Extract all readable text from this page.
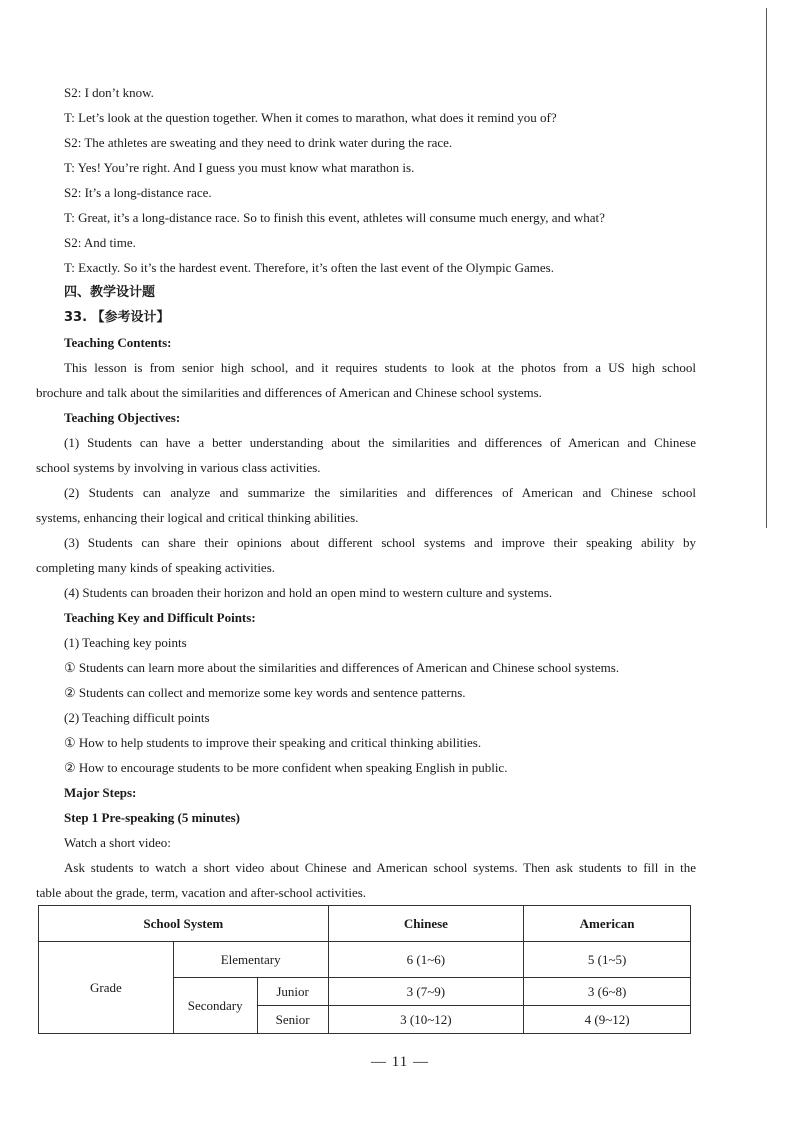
S2: I don’t know.

T: Let’s look at the question together. When it comes to marathon, what does it remind you of?

S2: The athletes are sweating and they need to drink water during the race.

T: Yes! You’re right. And I guess you must know what marathon is.

S2: It’s a long-distance race.

T: Great, it’s a long-distance race. So to finish this event, athletes will consume much energy, and what?

S2: And time.

T: Exactly. So it’s the hardest event. Therefore, it’s often the last event of the Olympic Games.

四、教学设计题

33. 【参考设计】

Teaching Contents:

This lesson is from senior high school, and it requires students to look at the photos from a US high school

brochure and talk about the similarities and differences of American and Chinese school systems.

Teaching Objectives:

(1) Students can have a better understanding about the similarities and differences of American and Chinese

school systems by involving in various class activities.

(2) Students can analyze and summarize the similarities and differences of American and Chinese school

systems, enhancing their logical and critical thinking abilities.

(3) Students can share their opinions about different school systems and improve their speaking ability by

completing many kinds of speaking activities.

(4) Students can broaden their horizon and hold an open mind to western culture and systems.

Teaching Key and Difficult Points:

(1) Teaching key points

① Students can learn more about the similarities and differences of American and Chinese school systems.

② Students can collect and memorize some key words and sentence patterns.

(2) Teaching difficult points

① How to help students to improve their speaking and critical thinking abilities.

② How to encourage students to be more confident when speaking English in public.

Major Steps:

Step 1 Pre-speaking (5 minutes)

Watch a short video:

Ask students to watch a short video about Chinese and American school systems. Then ask students to fill in the

table about the grade, term, vacation and after-school activities.

School System			Chinese	American
Grade	Elementary		6 (1~6)	5 (1~5)
	Secondary	Junior	3 (7~9)	3 (6~8)
		Senior	3 (10~12)	4 (9~12)
— 11 —
